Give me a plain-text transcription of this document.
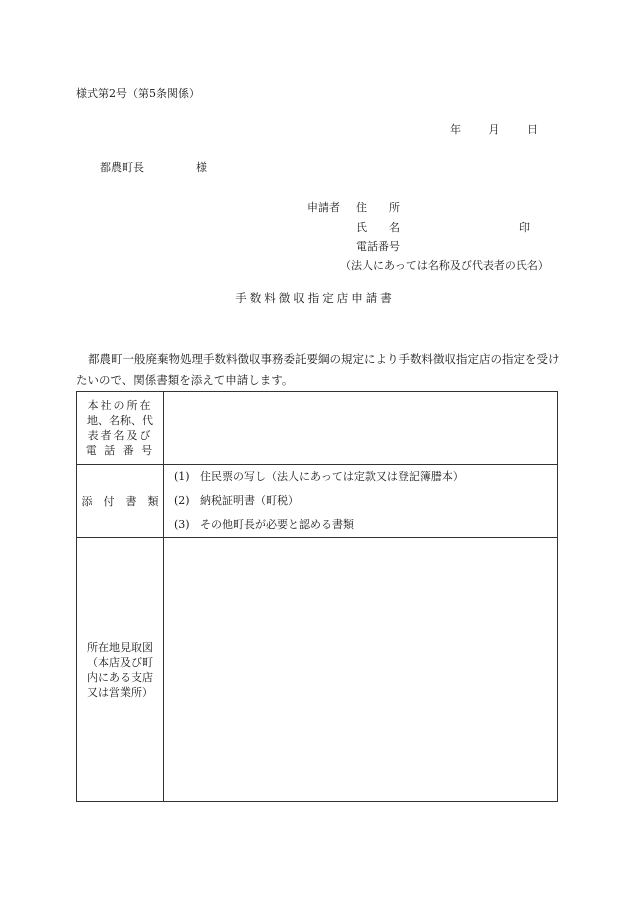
様式第2号（第5条関係）
年	月	日
都農町長	様
申請者 住　　所
氏　　名	印
電話番号
（法人にあっては名称及び代表者の氏名）
手数料徴収指定店申請書
都農町一般廃棄物処理手数料徴収事務委託要綱の規定により手数料徴収指定店の指定を受けたいので、関係書類を添えて申請します。
本社の所在
地、名称、代
表者名及び
電 話 番 号	

添　付　書　類	(1) 住民票の写し（法人にあっては定款又は登記簿謄本）
(2) 納税証明書（町税）
(3) その他町長が必要と認める書類

所在地見取図
（本店及び町
内にある支店
又は営業所）	
